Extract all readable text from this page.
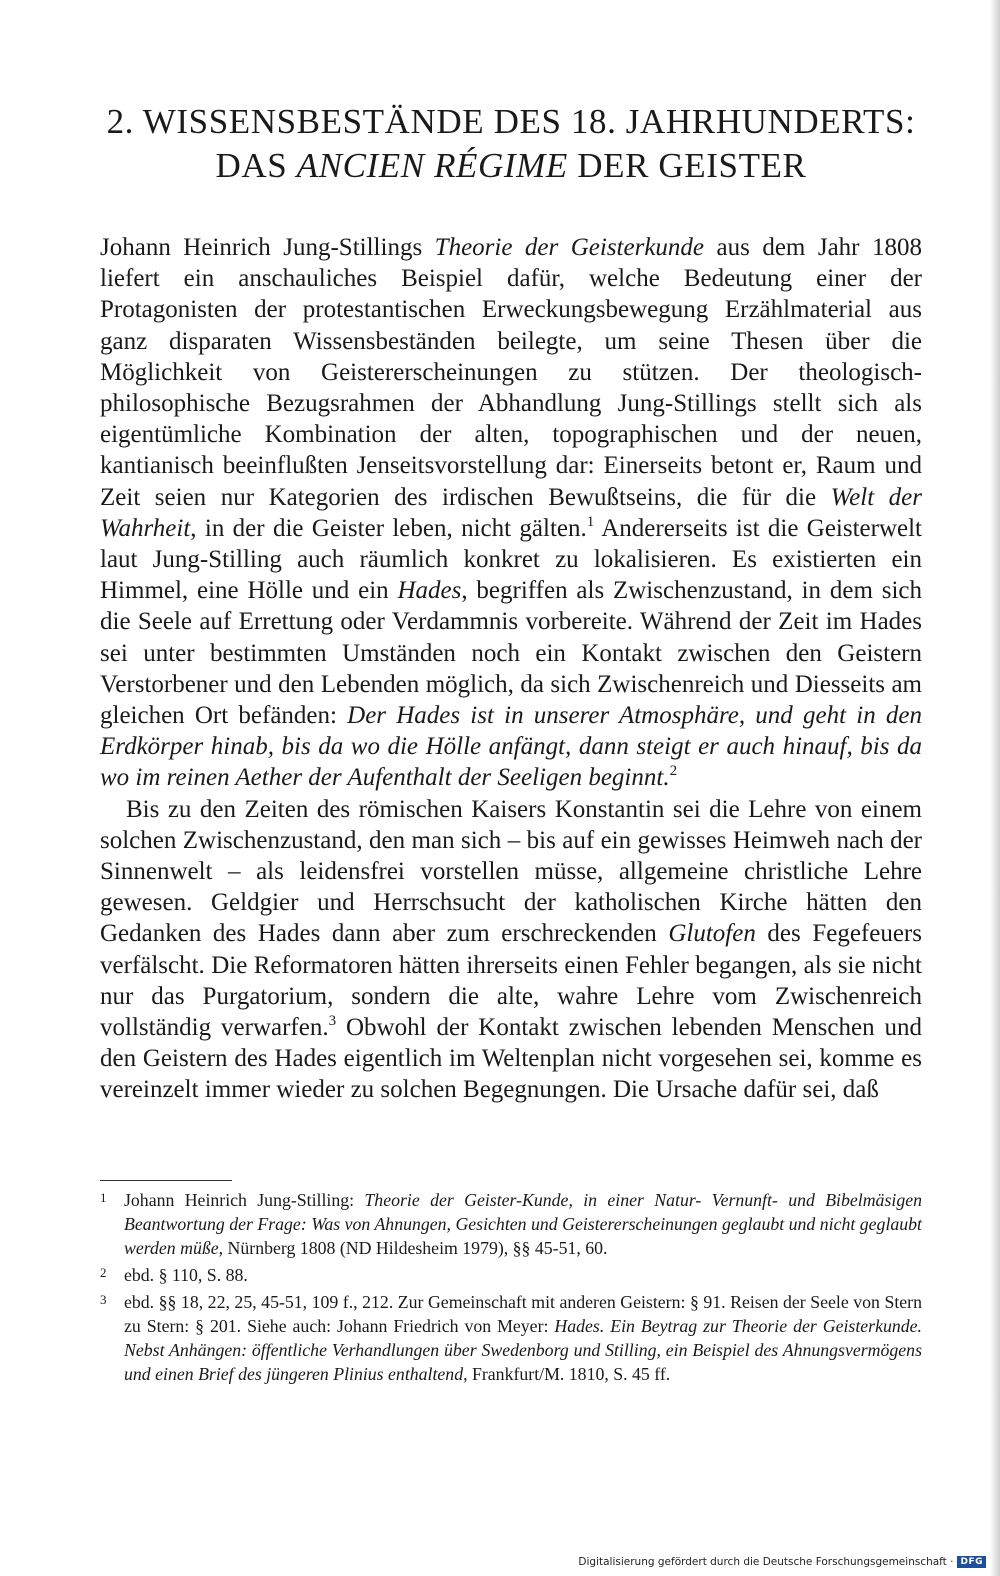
2. WISSENSBESTÄNDE DES 18. JAHRHUNDERTS:
DAS ANCIEN RÉGIME DER GEISTER

Johann Heinrich Jung-Stillings Theorie der Geisterkunde aus dem Jahr 1808 liefert ein anschauliches Beispiel dafür, welche Bedeutung einer der Protagonisten der protestantischen Erweckungsbewegung Erzählmaterial aus ganz disparaten Wissensbeständen beilegte, um seine Thesen über die Möglichkeit von Geistererscheinungen zu stützen. Der theologisch-philosophische Bezugsrahmen der Abhandlung Jung-Stillings stellt sich als eigentümliche Kombination der alten, topographischen und der neuen, kantianisch beeinflußten Jenseitsvorstellung dar: Einerseits betont er, Raum und Zeit seien nur Kategorien des irdischen Bewußtseins, die für die Welt der Wahrheit, in der die Geister leben, nicht gälten.$^1$ Andererseits ist die Geisterwelt laut Jung-Stilling auch räumlich konkret zu lokalisieren. Es existierten ein Himmel, eine Hölle und ein Hades, begriffen als Zwischenzustand, in dem sich die Seele auf Errettung oder Verdammnis vorbereite. Während der Zeit im Hades sei unter bestimmten Umständen noch ein Kontakt zwischen den Geistern Verstorbener und den Lebenden möglich, da sich Zwischenreich und Diesseits am gleichen Ort befänden: Der Hades ist in unserer Atmosphäre, und geht in den Erdkörper hinab, bis da wo die Hölle anfängt, dann steigt er auch hinauf, bis da wo im reinen Aether der Aufenthalt der Seeligen beginnt.$^2$

Bis zu den Zeiten des römischen Kaisers Konstantin sei die Lehre von einem solchen Zwischenzustand, den man sich – bis auf ein gewisses Heimweh nach der Sinnenwelt – als leidensfrei vorstellen müsse, allgemeine christliche Lehre gewesen. Geldgier und Herrschsucht der katholischen Kirche hätten den Gedanken des Hades dann aber zum erschreckenden Glutofen des Fegefeuers verfälscht. Die Reformatoren hätten ihrerseits einen Fehler begangen, als sie nicht nur das Purgatorium, sondern die alte, wahre Lehre vom Zwischenreich vollständig verwarfen.$^3$ Obwohl der Kontakt zwischen lebenden Menschen und den Geistern des Hades eigentlich im Weltenplan nicht vorgesehen sei, komme es vereinzelt immer wieder zu solchen Begegnungen. Die Ursache dafür sei, daß

1 Johann Heinrich Jung-Stilling: Theorie der Geister-Kunde, in einer Natur- Vernunft- und Bibelmäsigen Beantwortung der Frage: Was von Ahnungen, Gesichten und Geistererscheinungen geglaubt und nicht geglaubt werden müße, Nürnberg 1808 (ND Hildesheim 1979), §§ 45-51, 60.
2 ebd. § 110, S. 88.
3 ebd. §§ 18, 22, 25, 45-51, 109 f., 212. Zur Gemeinschaft mit anderen Geistern: § 91. Reisen der Seele von Stern zu Stern: § 201. Siehe auch: Johann Friedrich von Meyer: Hades. Ein Beytrag zur Theorie der Geisterkunde. Nebst Anhängen: öffentliche Verhandlungen über Swedenborg und Stilling, ein Beispiel des Ahnungsvermögens und einen Brief des jüngeren Plinius enthaltend, Frankfurt/M. 1810, S. 45 ff.
Digitalisierung gefördert durch die Deutsche Forschungsgemeinschaft · DFG
